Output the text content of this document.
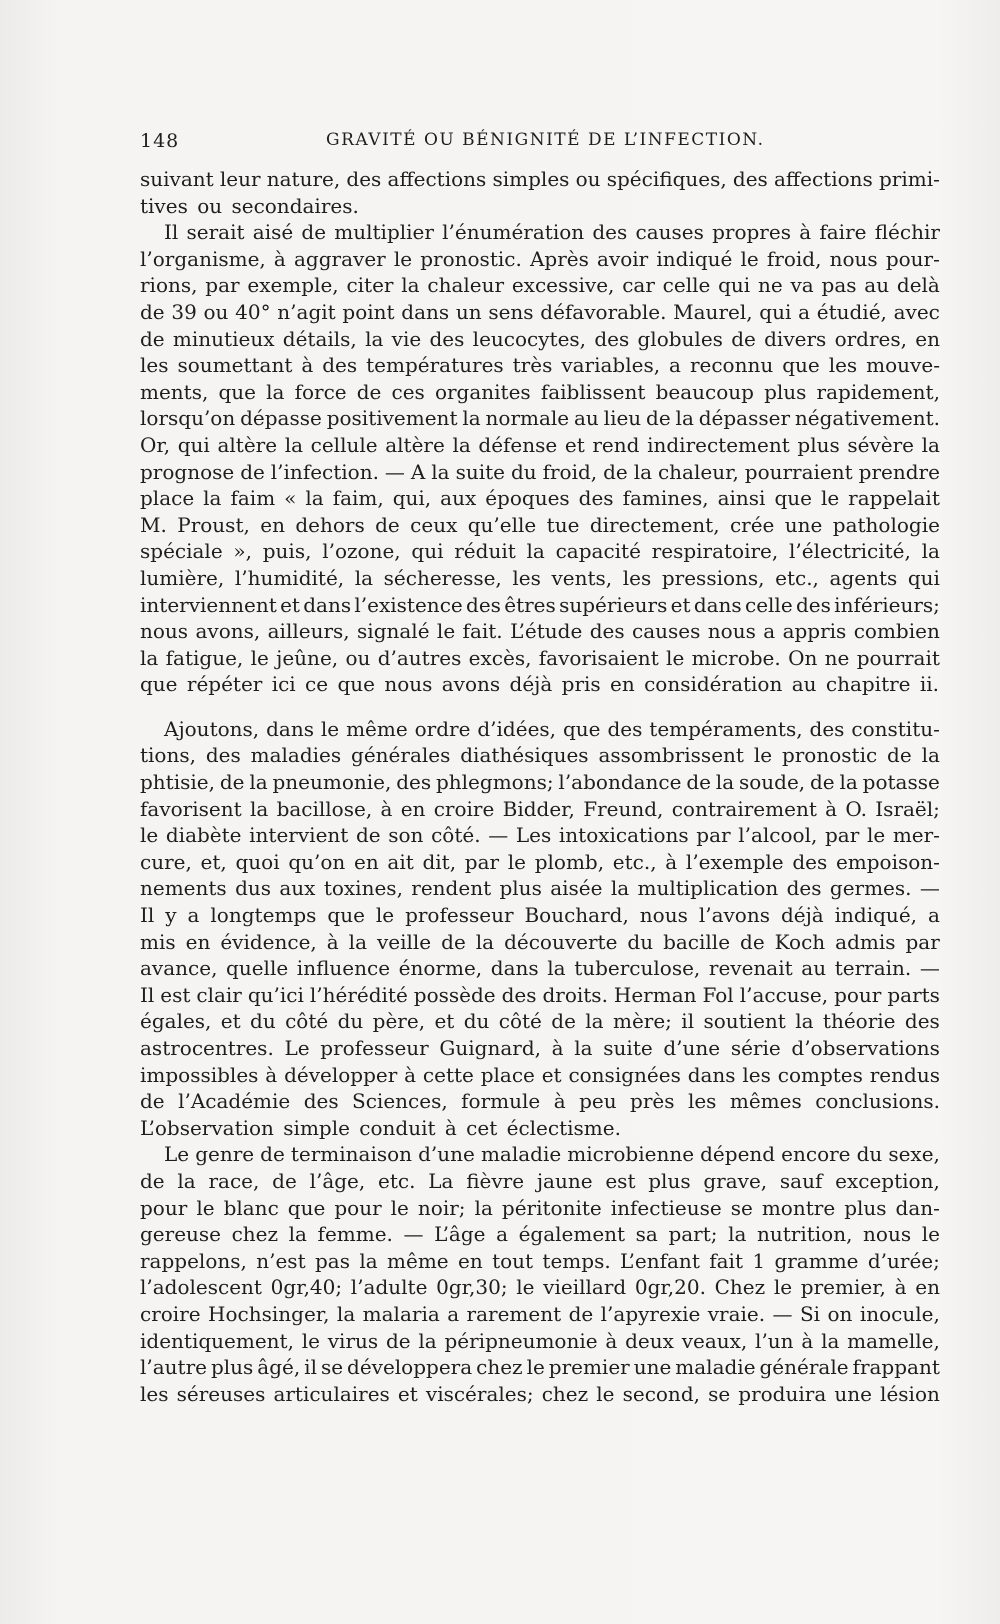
148	GRAVITÉ OU BÉNIGNITÉ DE L’INFECTION.
suivant leur nature, des affections simples ou spécifiques, des affections primi-
tives ou secondaires.
Il serait aisé de multiplier l’énumération des causes propres à faire fléchir
l’organisme, à aggraver le pronostic. Après avoir indiqué le froid, nous pour-
rions, par exemple, citer la chaleur excessive, car celle qui ne va pas au delà
de 39 ou 40° n’agit point dans un sens défavorable. Maurel, qui a étudié, avec
de minutieux détails, la vie des leucocytes, des globules de divers ordres, en
les soumettant à des températures très variables, a reconnu que les mouve-
ments, que la force de ces organites faiblissent beaucoup plus rapidement,
lorsqu’on dépasse positivement la normale au lieu de la dépasser négativement.
Or, qui altère la cellule altère la défense et rend indirectement plus sévère la
prognose de l’infection. — A la suite du froid, de la chaleur, pourraient prendre
place la faim « la faim, qui, aux époques des famines, ainsi que le rappelait
M. Proust, en dehors de ceux qu’elle tue directement, crée une pathologie
spéciale », puis, l’ozone, qui réduit la capacité respiratoire, l’électricité, la
lumière, l’humidité, la sécheresse, les vents, les pressions, etc., agents qui
interviennent et dans l’existence des êtres supérieurs et dans celle des inférieurs;
nous avons, ailleurs, signalé le fait. L’étude des causes nous a appris combien
la fatigue, le jeûne, ou d’autres excès, favorisaient le microbe. On ne pourrait
que répéter ici ce que nous avons déjà pris en considération au chapitre ii.
Ajoutons, dans le même ordre d’idées, que des tempéraments, des constitu-
tions, des maladies générales diathésiques assombrissent le pronostic de la
phtisie, de la pneumonie, des phlegmons; l’abondance de la soude, de la potasse
favorisent la bacillose, à en croire Bidder, Freund, contrairement à O. Israël;
le diabète intervient de son côté. — Les intoxications par l’alcool, par le mer-
cure, et, quoi qu’on en ait dit, par le plomb, etc., à l’exemple des empoison-
nements dus aux toxines, rendent plus aisée la multiplication des germes. —
Il y a longtemps que le professeur Bouchard, nous l’avons déjà indiqué, a
mis en évidence, à la veille de la découverte du bacille de Koch admis par
avance, quelle influence énorme, dans la tuberculose, revenait au terrain. —
Il est clair qu’ici l’hérédité possède des droits. Herman Fol l’accuse, pour parts
égales, et du côté du père, et du côté de la mère; il soutient la théorie des
astrocentres. Le professeur Guignard, à la suite d’une série d’observations
impossibles à développer à cette place et consignées dans les comptes rendus
de l’Académie des Sciences, formule à peu près les mêmes conclusions.
L’observation simple conduit à cet éclectisme.
Le genre de terminaison d’une maladie microbienne dépend encore du sexe,
de la race, de l’âge, etc. La fièvre jaune est plus grave, sauf exception,
pour le blanc que pour le noir; la péritonite infectieuse se montre plus dan-
gereuse chez la femme. — L’âge a également sa part; la nutrition, nous le
rappelons, n’est pas la même en tout temps. L’enfant fait 1 gramme d’urée;
l’adolescent 0gr,40; l’adulte 0gr,30; le vieillard 0gr,20. Chez le premier, à en
croire Hochsinger, la malaria a rarement de l’apyrexie vraie. — Si on inocule,
identiquement, le virus de la péripneumonie à deux veaux, l’un à la mamelle,
l’autre plus âgé, il se développera chez le premier une maladie générale frappant
les séreuses articulaires et viscérales; chez le second, se produira une lésion
